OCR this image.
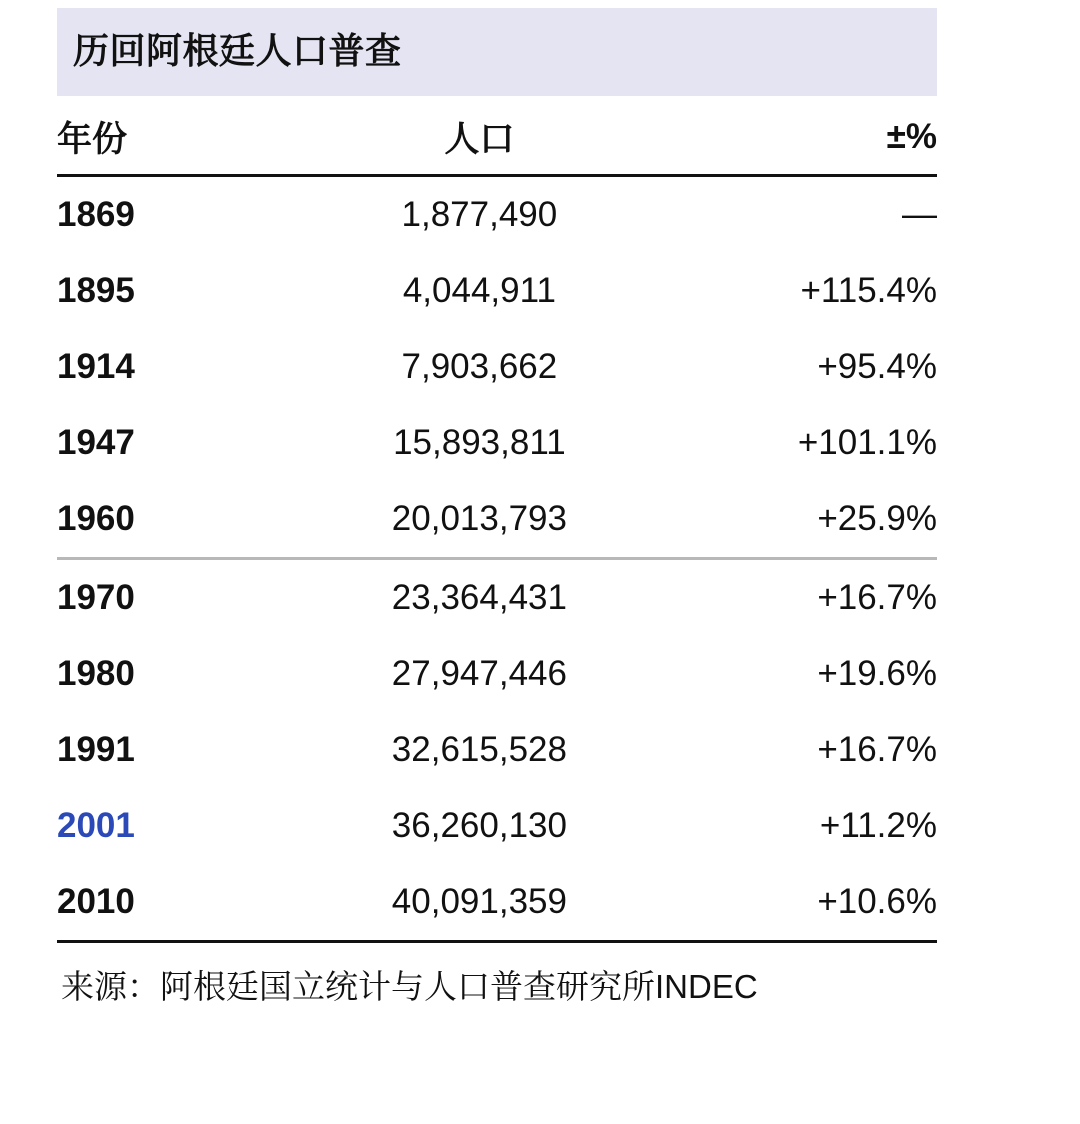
历回阿根廷人口普查
年份	人口	±%
1869	1,877,490	—
1895	4,044,911	+115.4%
1914	7,903,662	+95.4%
1947	15,893,811	+101.1%
1960	20,013,793	+25.9%
1970	23,364,431	+16.7%
1980	27,947,446	+19.6%
1991	32,615,528	+16.7%
2001	36,260,130	+11.2%
2010	40,091,359	+10.6%
来源：阿根廷国立统计与人口普查研究所INDEC
